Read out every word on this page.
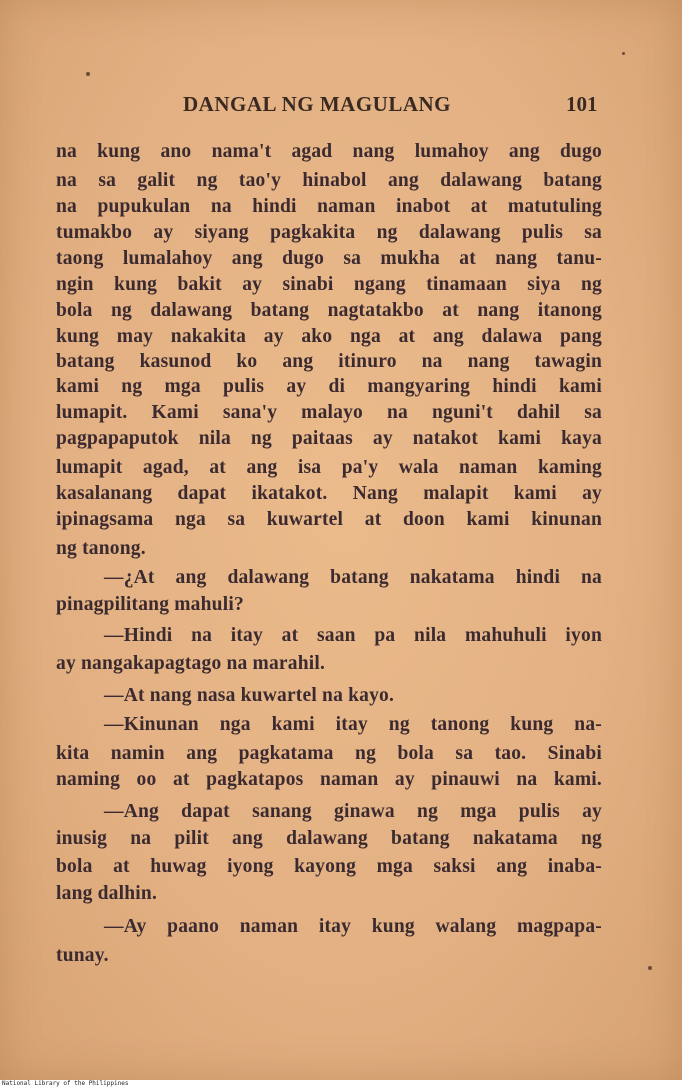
DANGAL NG MAGULANG	101
na kung ano nama't agad nang lumahoy ang dugo
na sa galit ng tao'y hinabol ang dalawang batang
na pupukulan na hindi naman inabot at matutuling
tumakbo ay siyang pagkakita ng dalawang pulis sa
taong lumalahoy ang dugo sa mukha at nang tanu-
ngin kung bakit ay sinabi ngang tinamaan siya ng
bola ng dalawang batang nagtatakbo at nang itanong
kung may nakakita ay ako nga at ang dalawa pang
batang kasunod ko ang itinuro na nang tawagin
kami ng mga pulis ay di mangyaring hindi kami
lumapit. Kami sana'y malayo na nguni't dahil sa
pagpapaputok nila ng paitaas ay natakot kami kaya
lumapit agad, at ang isa pa'y wala naman kaming
kasalanang dapat ikatakot. Nang malapit kami ay
ipinagsama nga sa kuwartel at doon kami kinunan
ng tanong.
—¿At ang dalawang batang nakatama hindi na
pinagpilitang mahuli?
—Hindi na itay at saan pa nila mahuhuli iyon
ay nangakapagtago na marahil.
—At nang nasa kuwartel na kayo.
—Kinunan nga kami itay ng tanong kung na-
kita namin ang pagkatama ng bola sa tao. Sinabi
naming oo at pagkatapos naman ay pinauwi na kami.
—Ang dapat sanang ginawa ng mga pulis ay
inusig na pilit ang dalawang batang nakatama ng
bola at huwag iyong kayong mga saksi ang inaba-
lang dalhin.
—Ay paano naman itay kung walang magpapa-
tunay.
National Library of the Philippines
